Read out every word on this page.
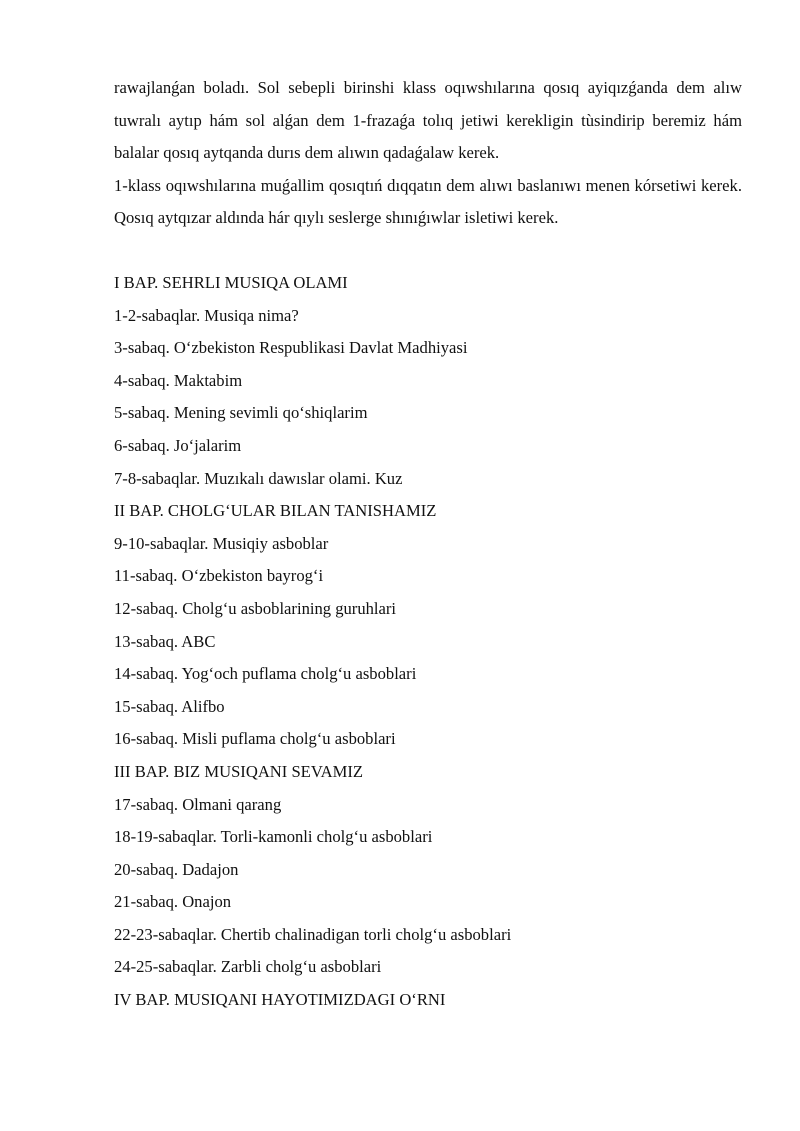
rawajlanǵan boladı. Sol sebepli birinshi klass oqıwshılarına qosıq ayiqızǵanda dem alıw tuwralı aytıp hám sol alǵan dem 1-frazaǵa tolıq jetiwi kerekligin tùsindirip beremiz hám balalar qosıq aytqanda durıs dem alıwın qadaǵalaw kerek.

1-klass oqıwshılarına muǵallim qosıqtıń dıqqatın dem alıwı baslanıwı menen kórsetiwi kerek. Qosıq aytqızar aldında hár qıylı seslerge shınıǵıwlar isletiwi kerek.

I BAP. SEHRLI MUSIQA OLAMI
1-2-sabaqlar. Musiqa nima?
3-sabaq. O‘zbekiston Respublikasi Davlat Madhiyasi
4-sabaq. Maktabim
5-sabaq. Mening sevimli qo‘shiqlarim
6-sabaq. Jo‘jalarim
7-8-sabaqlar. Muzıkalı dawıslar olami. Kuz
II BAP. CHOLG‘ULAR BILAN TANISHAMIZ
9-10-sabaqlar. Musiqiy asboblar
11-sabaq. O‘zbekiston bayrog‘i
12-sabaq. Cholg‘u asboblarining guruhlari
13-sabaq. ABC
14-sabaq. Yog‘och puflama cholg‘u asboblari
15-sabaq. Alifbo
16-sabaq. Misli puflama cholg‘u asboblari
III BAP. BIZ MUSIQANI SEVAMIZ
17-sabaq. Olmani qarang
18-19-sabaqlar. Torli-kamonli cholg‘u asboblari
20-sabaq. Dadajon
21-sabaq. Onajon
22-23-sabaqlar. Chertib chalinadigan torli cholg‘u asboblari
24-25-sabaqlar. Zarbli cholg‘u asboblari
IV BAP. MUSIQANI HAYOTIMIZDAGI O‘RNI
